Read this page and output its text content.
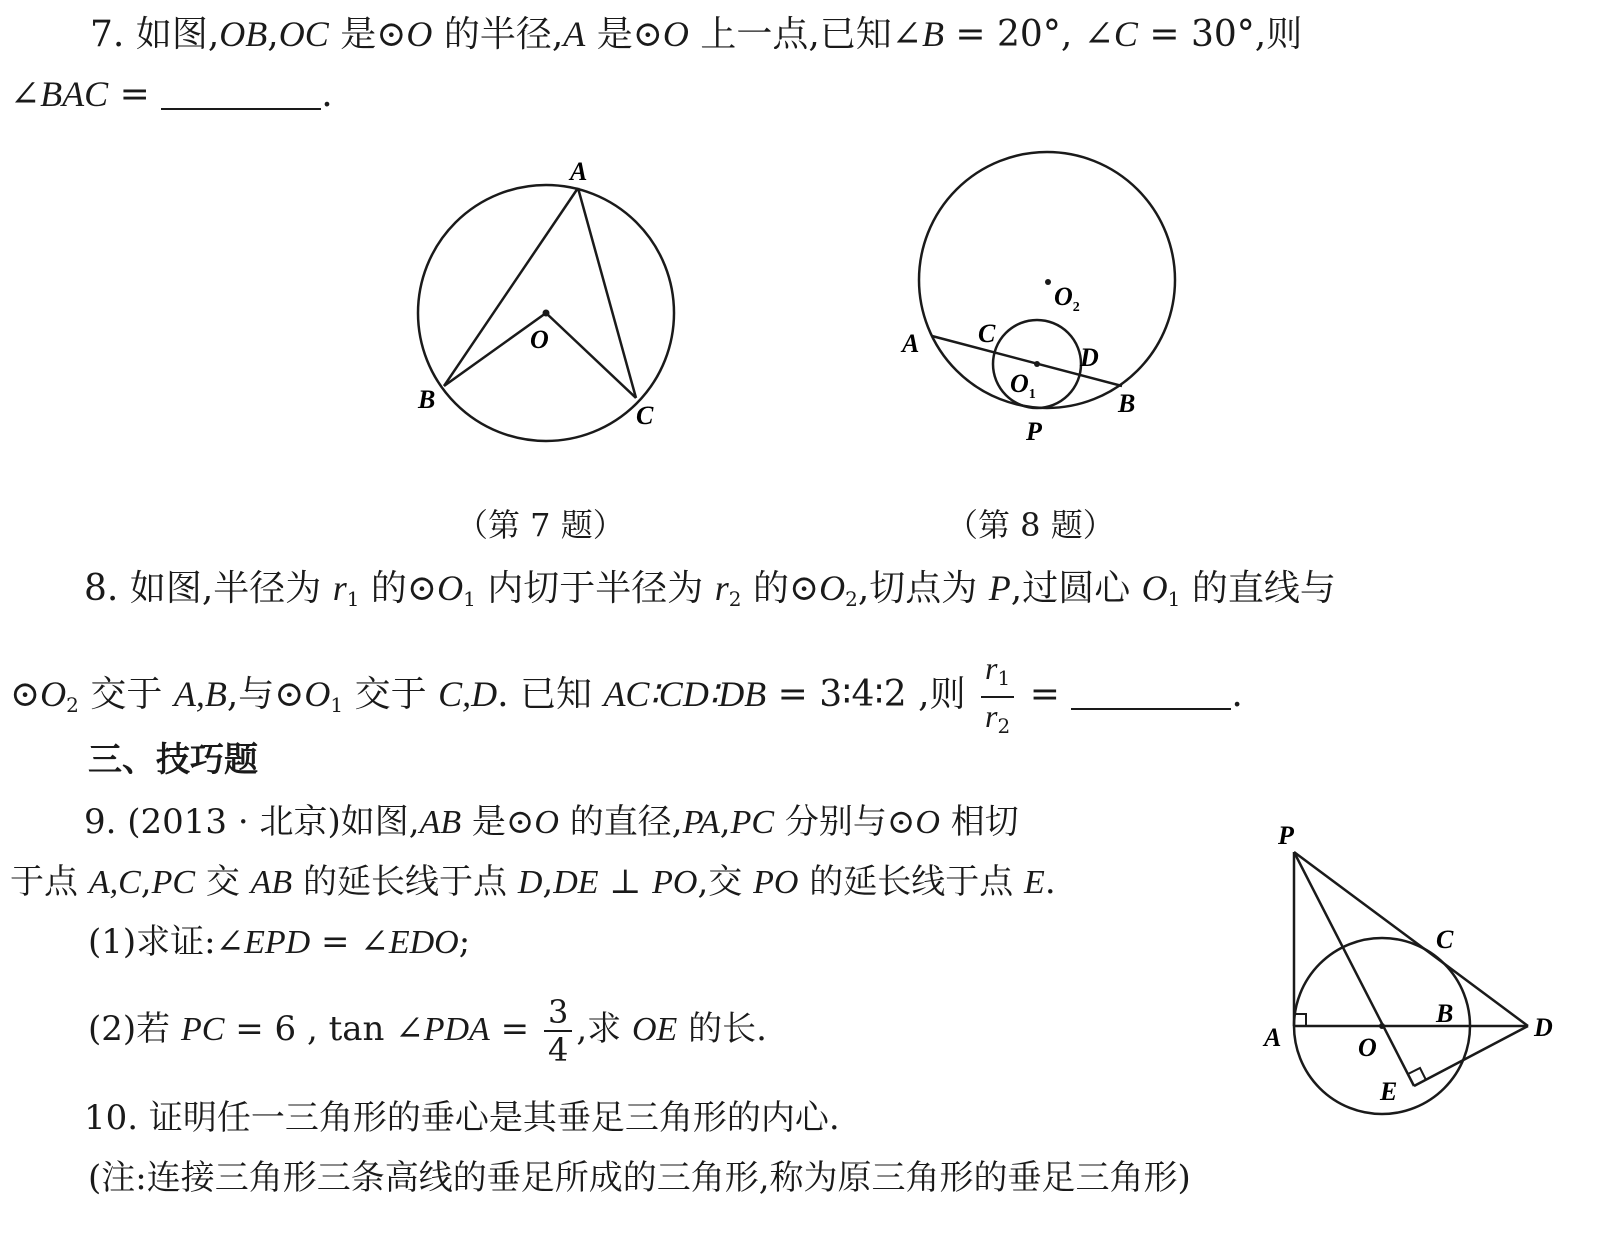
7. 如图,OB,OC 是⊙O 的半径,A 是⊙O 上一点,已知∠B = 20°, ∠C = 30°,则
∠BAC =	.
A
O
B
C
（第 7 题）
$O_2$
A C
D
$O_1$	B
P
（第 8 题）
8. 如图,半径为 $r_1$ 的$⊙O_1$ 内切于半径为 $r_2$ 的$⊙O_2$,切点为 P,过圆心 $O_1$ 的直线与
$⊙O_2$ 交于 A,B,与$⊙O_1$ 交于 C,D. 已知 AC∶CD∶DB = 3∶4∶2 ,则 $\frac{r_1}{r_2}$ =	.
三、技巧题
9. (2013 · 北京)如图,AB 是⊙O 的直径,PA,PC 分别与⊙O 相切
于点 A,C,PC 交 AB 的延长线于点 D,DE ⊥ PO,交 PO 的延长线于点 E.
(1)求证:∠EPD = ∠EDO;
(2)若 PC = 6 , tan ∠PDA = $\frac{3}{4}$ ,求 OE 的长.
P
C
B	D
A	O
E
10. 证明任一三角形的垂心是其垂足三角形的内心.
(注:连接三角形三条高线的垂足所成的三角形,称为原三角形的垂足三角形)
